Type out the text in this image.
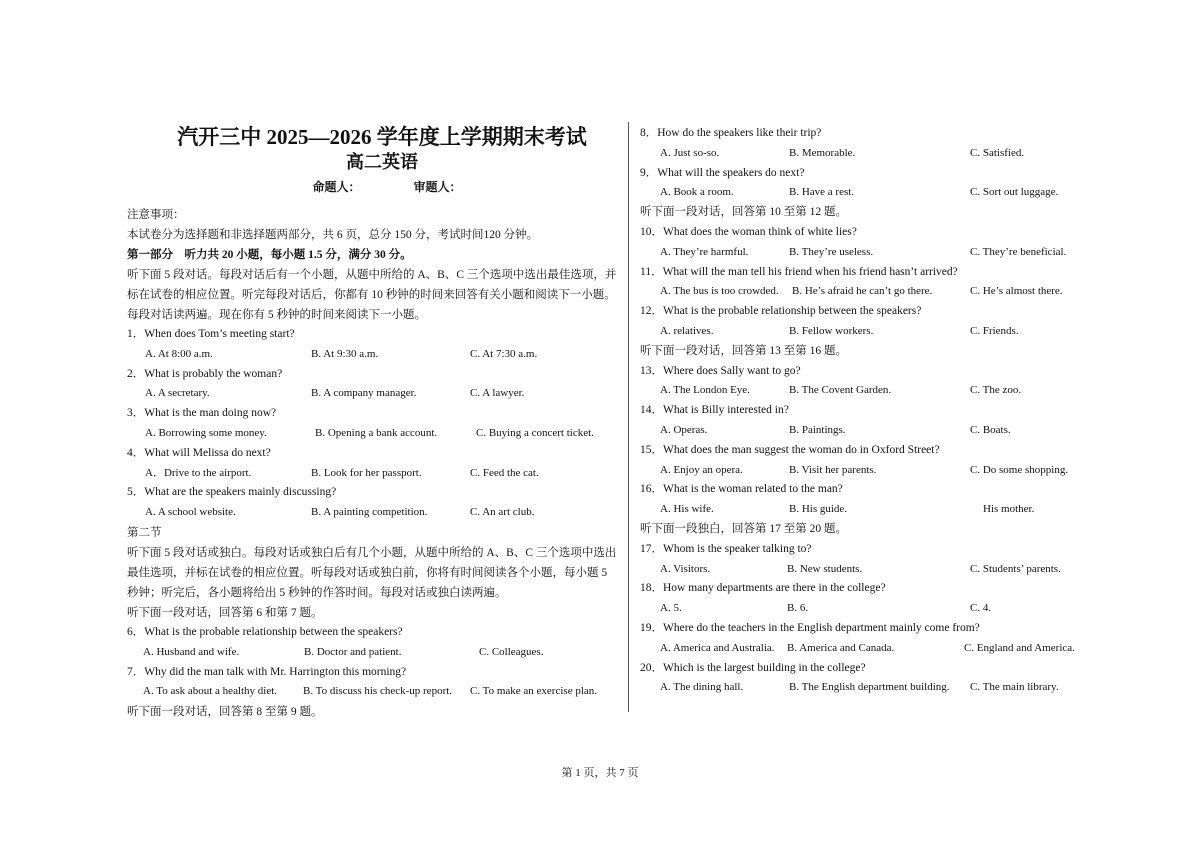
汽开三中 2025—2026 学年度上学期期末考试
高二英语
命题人：	审题人：
注意事项：
本试卷分为选择题和非选择题两部分，共 6 页，总分 150 分，考试时间120 分钟。
第一部分　听力共 20 小题，每小题 1.5 分，满分 30 分。
听下面 5 段对话。每段对话后有一个小题，从题中所给的 A、B、C 三个选项中选出最佳选项，并标在试卷的相应位置。听完每段对话后，你都有 10 秒钟的时间来回答有关小题和阅读下一小题。每段对话读两遍。现在你有 5 秒钟的时间来阅读下一小题。
1．When does Tom’s meeting start?
A. At 8:00 a.m.	B. At 9:30 a.m.	C. At 7:30 a.m.
2．What is probably the woman?
A. A secretary.	B. A company manager.	C. A lawyer.
3．What is the man doing now?
A. Borrowing some money.	B. Opening a bank account.	C. Buying a concert ticket.
4．What will Melissa do next?
A．Drive to the airport.	B. Look for her passport.	C. Feed the cat.
5．What are the speakers mainly discussing?
A. A school website.	B. A painting competition.	C. An art club.
第二节
听下面 5 段对话或独白。每段对话或独白后有几个小题，从题中所给的 A、B、C 三个选项中选出最佳选项，并标在试卷的相应位置。听每段对话或独白前，你将有时间阅读各个小题，每小题 5 秒钟；听完后，各小题将给出 5 秒钟的作答时间。每段对话或独白读两遍。
听下面一段对话，回答第 6 和第 7 题。
6．What is the probable relationship between the speakers?
A. Husband and wife.	B. Doctor and patient.	C. Colleagues.
7．Why did the man talk with Mr. Harrington this morning?
A. To ask about a healthy diet. B. To discuss his check-up report. C. To make an exercise plan.
听下面一段对话，回答第 8 至第 9 题。
8．How do the speakers like their trip?
A. Just so-so.	B. Memorable.	C. Satisfied.
9．What will the speakers do next?
A. Book a room.	B. Have a rest.	C. Sort out luggage.
听下面一段对话，回答第 10 至第 12 题。
10．What does the woman think of white lies?
A. They’re harmful.	B. They’re useless.	C. They’re beneficial.
11．What will the man tell his friend when his friend hasn’t arrived?
A. The bus is too crowded. B. He’s afraid he can’t go there.	C. He’s almost there.
12．What is the probable relationship between the speakers?
A. relatives.	B. Fellow workers.	C. Friends.
听下面一段对话，回答第 13 至第 16 题。
13．Where does Sally want to go?
A. The London Eye.	B. The Covent Garden.	C. The zoo.
14．What is Billy interested in?
A. Operas.	B. Paintings.	C. Boats.
15．What does the man suggest the woman do in Oxford Street?
A. Enjoy an opera.	B. Visit her parents.	C. Do some shopping.
16．What is the woman related to the man?
A. His wife.	B. His guide.	His mother.
听下面一段独白，回答第 17 至第 20 题。
17．Whom is the speaker talking to?
A. Visitors.	B. New students.	C. Students’ parents.
18．How many departments are there in the college?
A. 5.	B. 6.	C. 4.
19．Where do the teachers in the English department mainly come from?
A. America and Australia. B. America and Canada.	C. England and America.
20．Which is the largest building in the college?
A. The dining hall.	B. The English department building. C. The main library.
第 1 页，共 7 页
